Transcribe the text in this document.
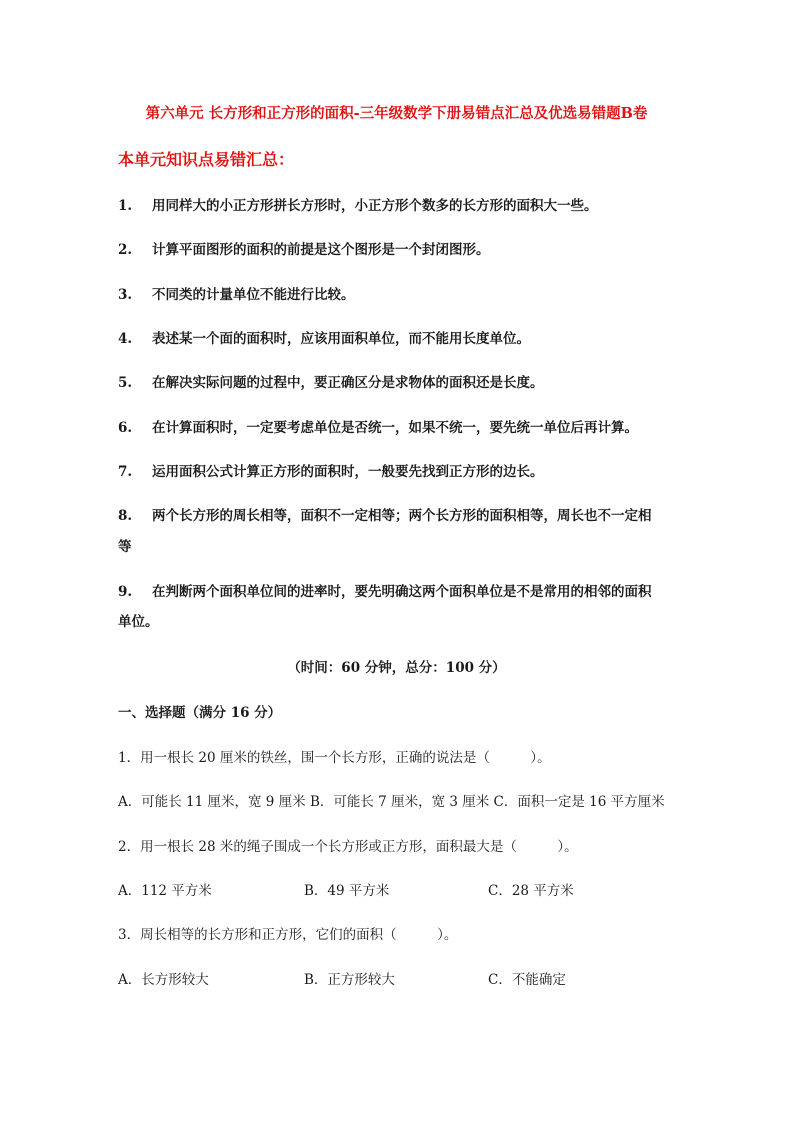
第六单元 长方形和正方形的面积-三年级数学下册易错点汇总及优选易错题B卷
本单元知识点易错汇总：
1. 用同样大的小正方形拼长方形时，小正方形个数多的长方形的面积大一些。
2. 计算平面图形的面积的前提是这个图形是一个封闭图形。
3. 不同类的计量单位不能进行比较。
4. 表述某一个面的面积时，应该用面积单位，而不能用长度单位。
5. 在解决实际问题的过程中，要正确区分是求物体的面积还是长度。
6. 在计算面积时，一定要考虑单位是否统一，如果不统一，要先统一单位后再计算。
7. 运用面积公式计算正方形的面积时，一般要先找到正方形的边长。
8. 两个长方形的周长相等，面积不一定相等；两个长方形的面积相等，周长也不一定相
等
9. 在判断两个面积单位间的进率时，要先明确这两个面积单位是不是常用的相邻的面积
单位。
（时间：60 分钟，总分：100 分）
一、选择题（满分 16 分）
1．用一根长 20 厘米的铁丝，围一个长方形，正确的说法是（　　　）。
A．可能长 11 厘米，宽 9 厘米 B．可能长 7 厘米，宽 3 厘米 C．面积一定是 16 平方厘米
2．用一根长 28 米的绳子围成一个长方形或正方形，面积最大是（　　　）。
A．112 平方米	B．49 平方米	C．28 平方米
3．周长相等的长方形和正方形，它们的面积（　　　）。
A．长方形较大	B．正方形较大	C．不能确定
